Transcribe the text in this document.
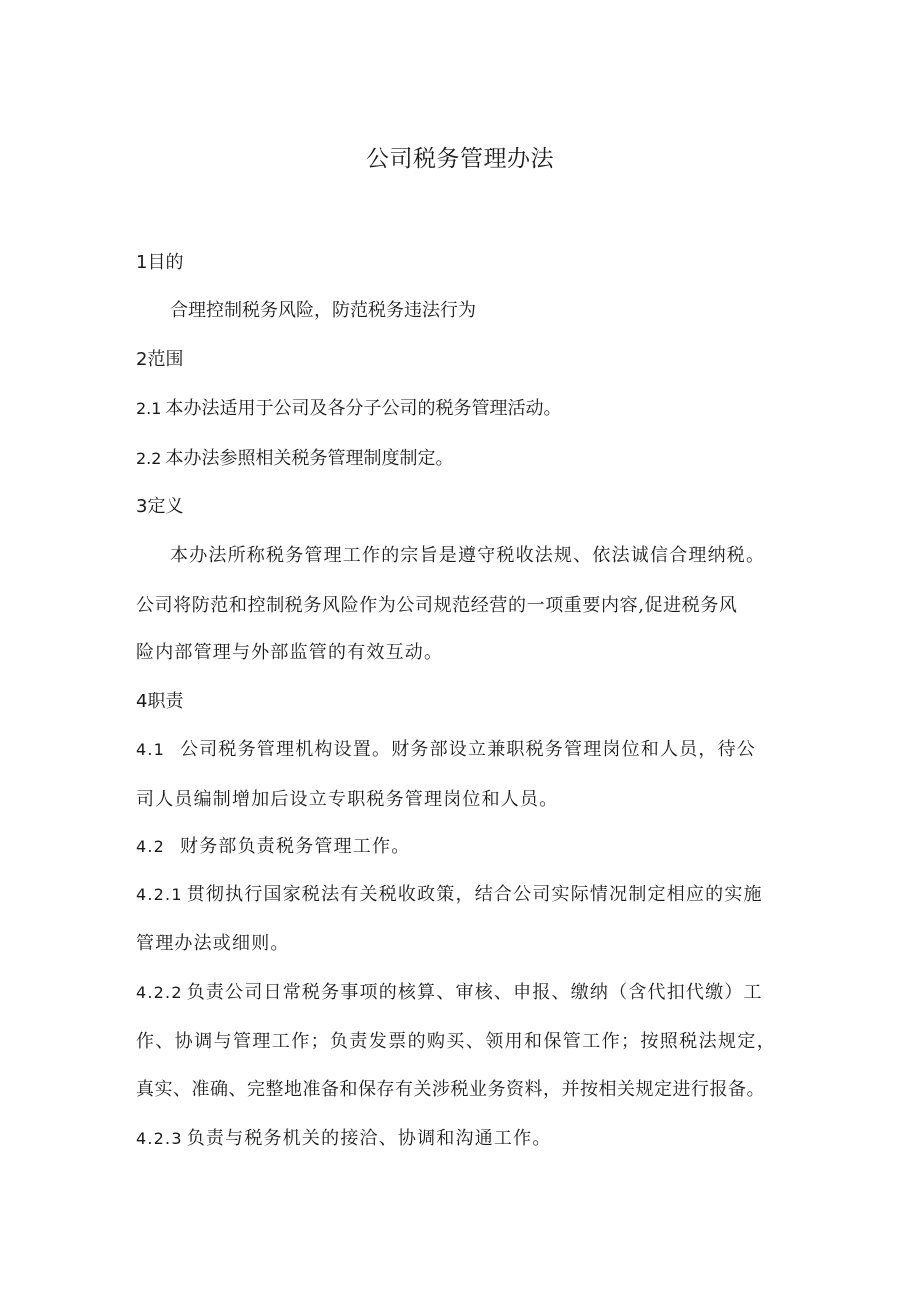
公司税务管理办法
1目的
合理控制税务风险，防范税务违法行为
2范围
2.1 本办法适用于公司及各分子公司的税务管理活动。
2.2 本办法参照相关税务管理制度制定。
3定义
本办法所称税务管理工作的宗旨是遵守税收法规、依法诚信合理纳税。
公司将防范和控制税务风险作为公司规范经营的一项重要内容,促进税务风
险内部管理与外部监管的有效互动。
4职责
4.1 公司税务管理机构设置。财务部设立兼职税务管理岗位和人员，待公
司人员编制增加后设立专职税务管理岗位和人员。
4.2 财务部负责税务管理工作。
4.2.1 贯彻执行国家税法有关税收政策，结合公司实际情况制定相应的实施
管理办法或细则。
4.2.2 负责公司日常税务事项的核算、审核、申报、缴纳（含代扣代缴）工
作、协调与管理工作；负责发票的购买、领用和保管工作；按照税法规定，
真实、准确、完整地准备和保存有关涉税业务资料，并按相关规定进行报备。
4.2.3 负责与税务机关的接洽、协调和沟通工作。
